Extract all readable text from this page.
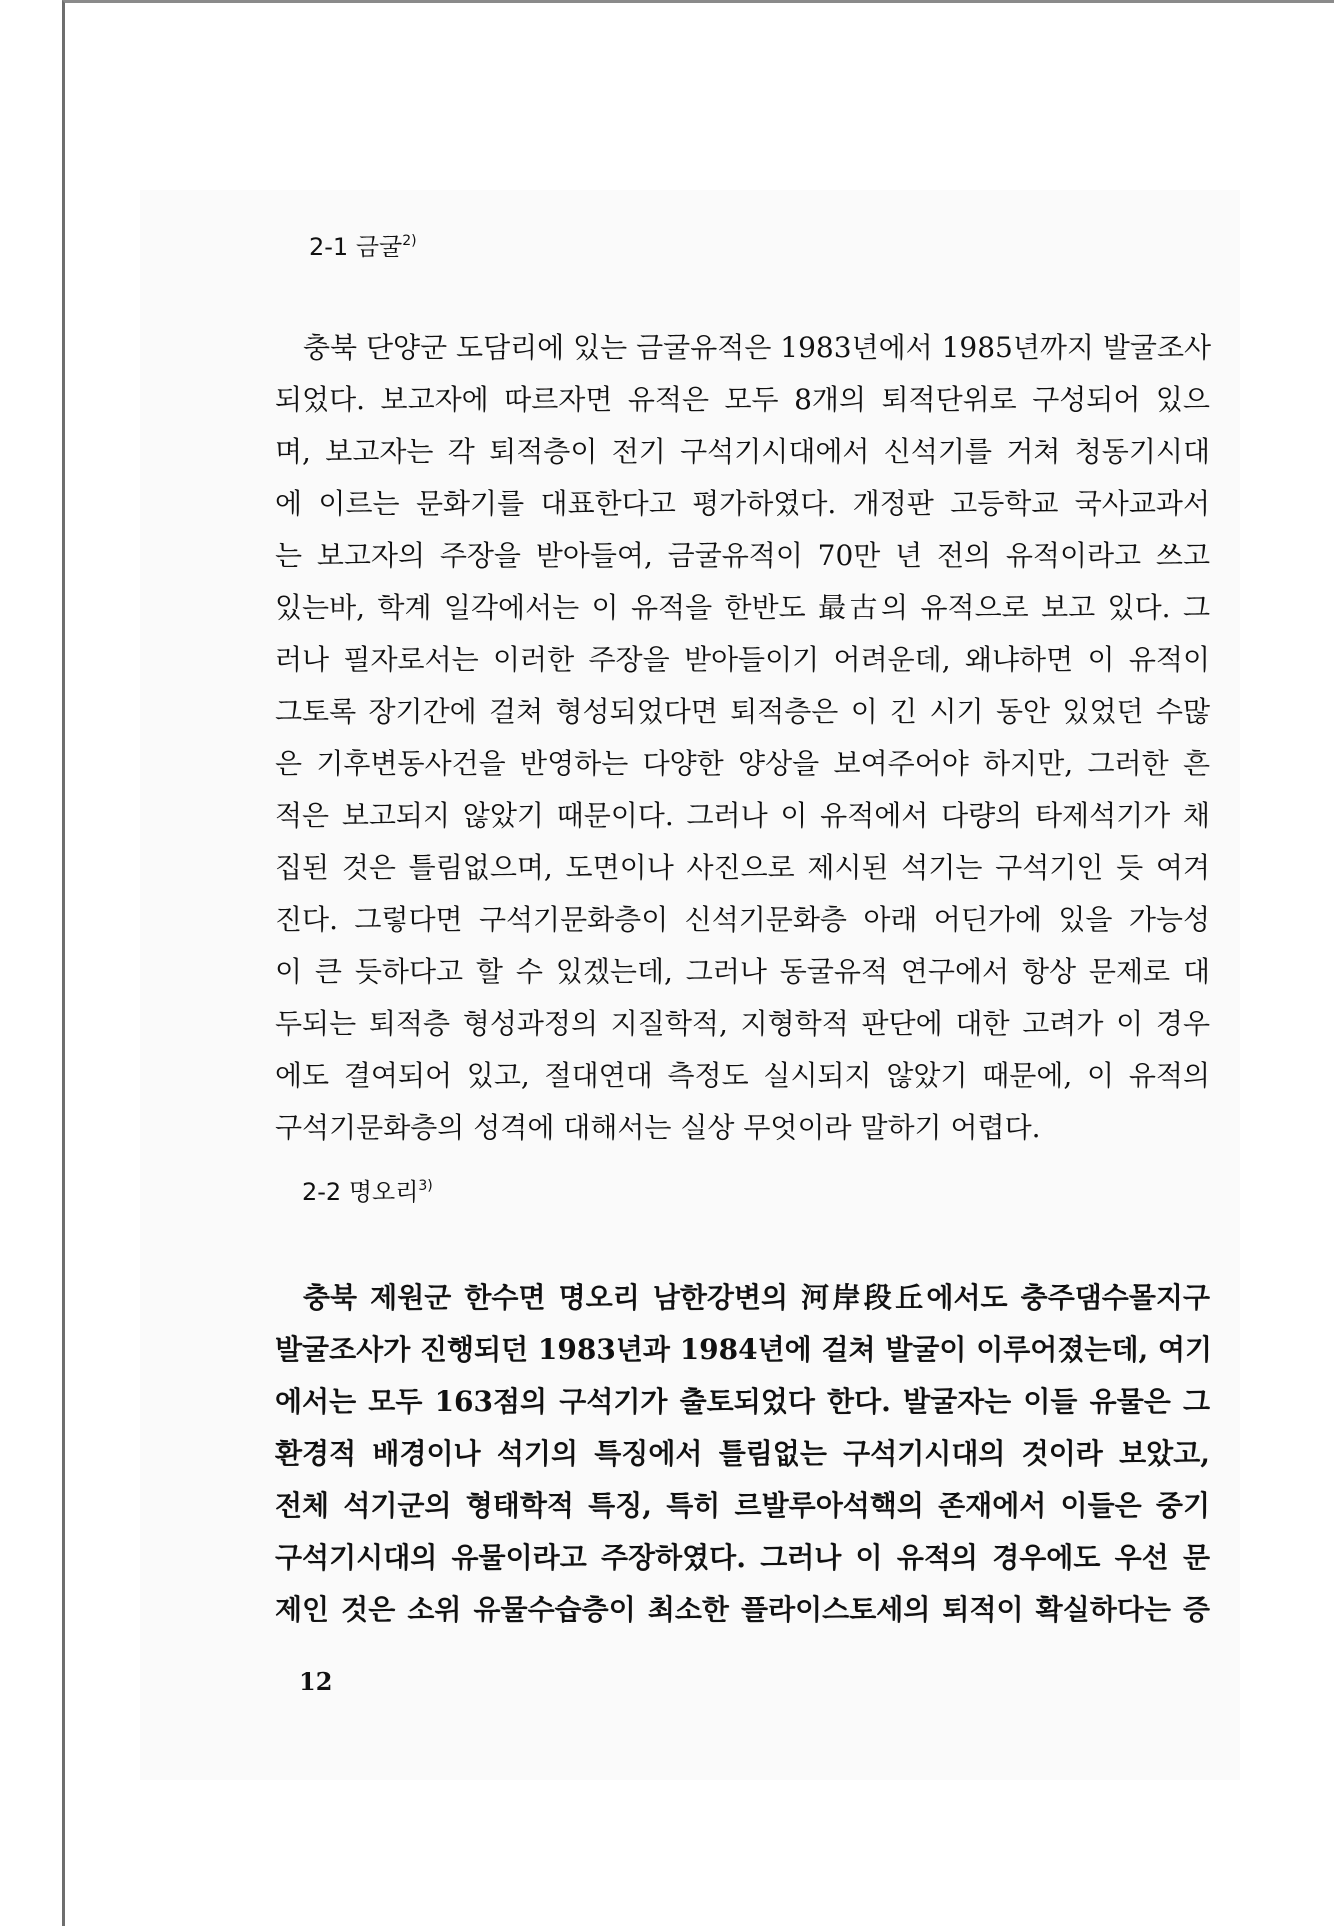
2-1 금굴$^{2)}$
충북 단양군 도담리에 있는 금굴유적은 1983년에서 1985년까지 발굴조사
되었다. 보고자에 따르자면 유적은 모두 8개의 퇴적단위로 구성되어 있으
며, 보고자는 각 퇴적층이 전기 구석기시대에서 신석기를 거쳐 청동기시대
에 이르는 문화기를 대표한다고 평가하였다. 개정판 고등학교 국사교과서
는 보고자의 주장을 받아들여, 금굴유적이 70만 년 전의 유적이라고 쓰고
있는바, 학계 일각에서는 이 유적을 한반도 最古의 유적으로 보고 있다. 그
러나 필자로서는 이러한 주장을 받아들이기 어려운데, 왜냐하면 이 유적이
그토록 장기간에 걸쳐 형성되었다면 퇴적층은 이 긴 시기 동안 있었던 수많
은 기후변동사건을 반영하는 다양한 양상을 보여주어야 하지만, 그러한 흔
적은 보고되지 않았기 때문이다. 그러나 이 유적에서 다량의 타제석기가 채
집된 것은 틀림없으며, 도면이나 사진으로 제시된 석기는 구석기인 듯 여겨
진다. 그렇다면 구석기문화층이 신석기문화층 아래 어딘가에 있을 가능성
이 큰 듯하다고 할 수 있겠는데, 그러나 동굴유적 연구에서 항상 문제로 대
두되는 퇴적층 형성과정의 지질학적, 지형학적 판단에 대한 고려가 이 경우
에도 결여되어 있고, 절대연대 측정도 실시되지 않았기 때문에, 이 유적의
구석기문화층의 성격에 대해서는 실상 무엇이라 말하기 어렵다.
2-2 명오리$^{3)}$
충북 제원군 한수면 명오리 남한강변의 河岸段丘에서도 충주댐수몰지구
발굴조사가 진행되던 1983년과 1984년에 걸쳐 발굴이 이루어졌는데, 여기
에서는 모두 163점의 구석기가 출토되었다 한다. 발굴자는 이들 유물은 그
환경적 배경이나 석기의 특징에서 틀림없는 구석기시대의 것이라 보았고,
전체 석기군의 형태학적 특징, 특히 르발루아석핵의 존재에서 이들은 중기
구석기시대의 유물이라고 주장하였다. 그러나 이 유적의 경우에도 우선 문
제인 것은 소위 유물수습층이 최소한 플라이스토세의 퇴적이 확실하다는 증
12
